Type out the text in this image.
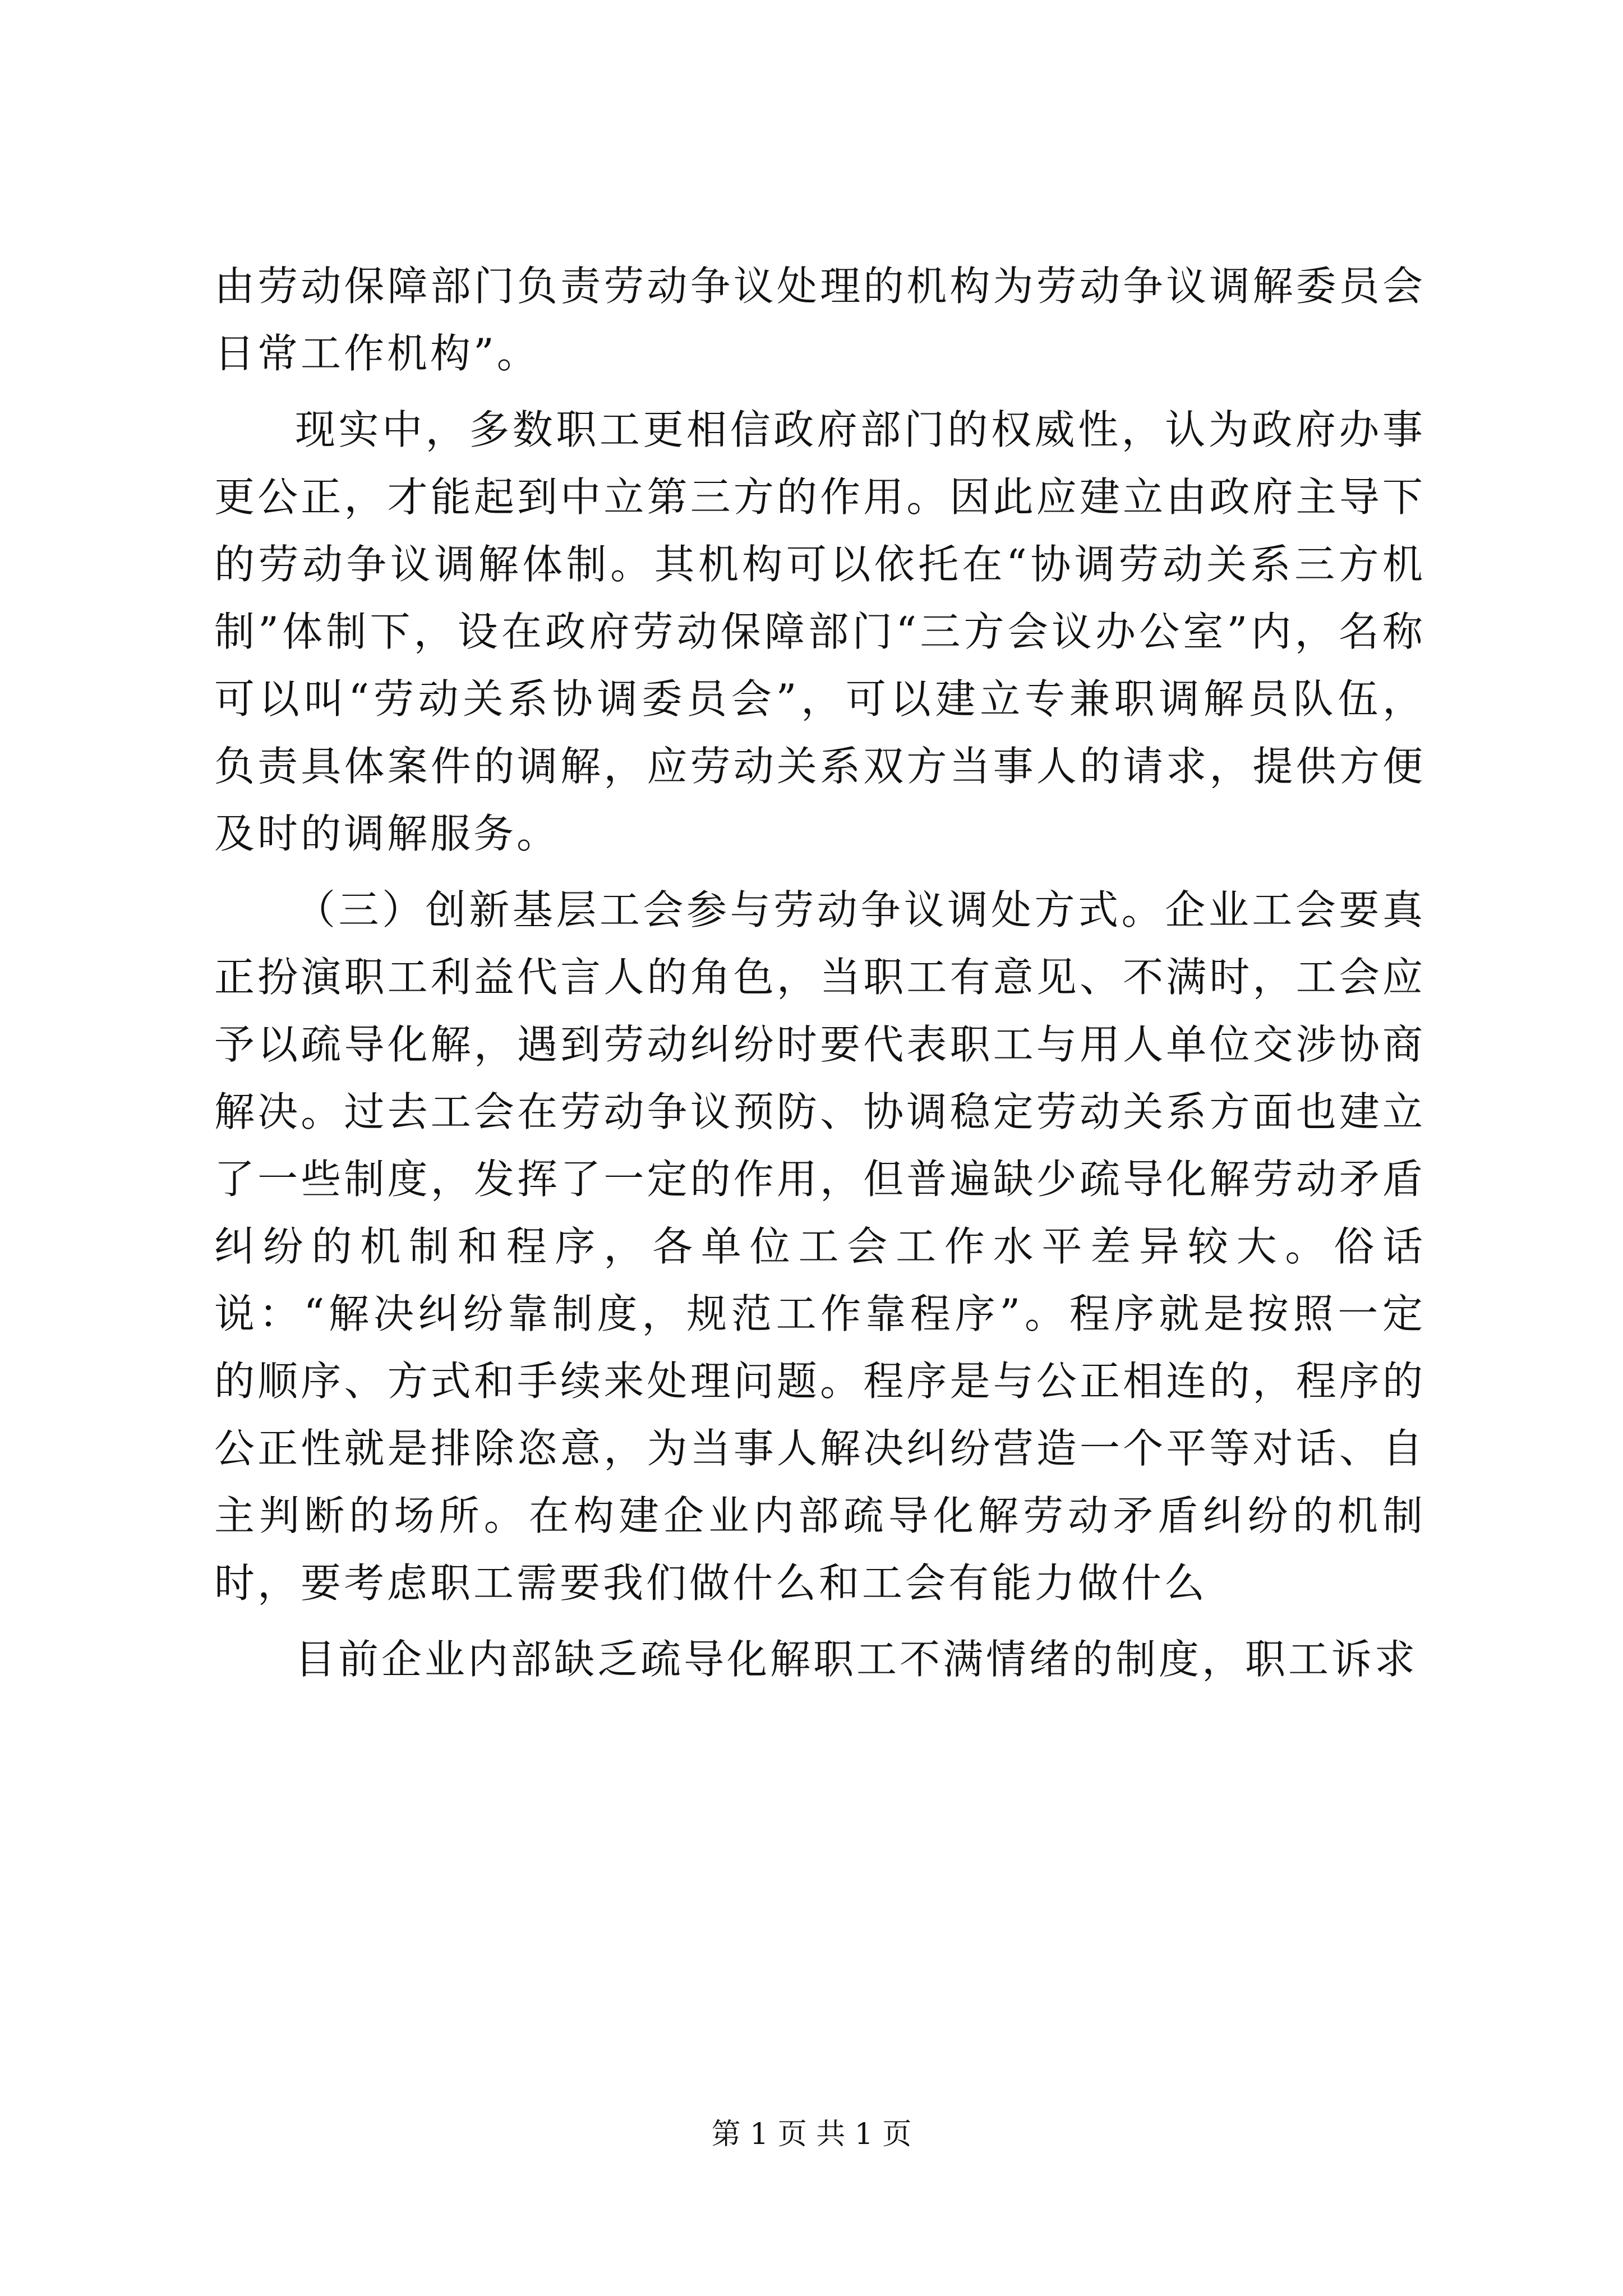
由劳动保障部门负责劳动争议处理的机构为劳动争议调解委员会日常工作机构”。

现实中，多数职工更相信政府部门的权威性，认为政府办事更公正，才能起到中立第三方的作用。因此应建立由政府主导下的劳动争议调解体制。其机构可以依托在“协调劳动关系三方机制”体制下，设在政府劳动保障部门“三方会议办公室”内，名称可以叫“劳动关系协调委员会”，可以建立专兼职调解员队伍，负责具体案件的调解，应劳动关系双方当事人的请求，提供方便及时的调解服务。

（三）创新基层工会参与劳动争议调处方式。企业工会要真正扮演职工利益代言人的角色，当职工有意见、不满时，工会应予以疏导化解，遇到劳动纠纷时要代表职工与用人单位交涉协商解决。过去工会在劳动争议预防、协调稳定劳动关系方面也建立了一些制度，发挥了一定的作用，但普遍缺少疏导化解劳动矛盾纠纷的机制和程序，各单位工会工作水平差异较大。俗话说：“解决纠纷靠制度，规范工作靠程序”。程序就是按照一定的顺序、方式和手续来处理问题。程序是与公正相连的，程序的公正性就是排除恣意，为当事人解决纠纷营造一个平等对话、自主判断的场所。在构建企业内部疏导化解劳动矛盾纠纷的机制时，要考虑职工需要我们做什么和工会有能力做什么

目前企业内部缺乏疏导化解职工不满情绪的制度，职工诉求

第 1 页 共 1 页
